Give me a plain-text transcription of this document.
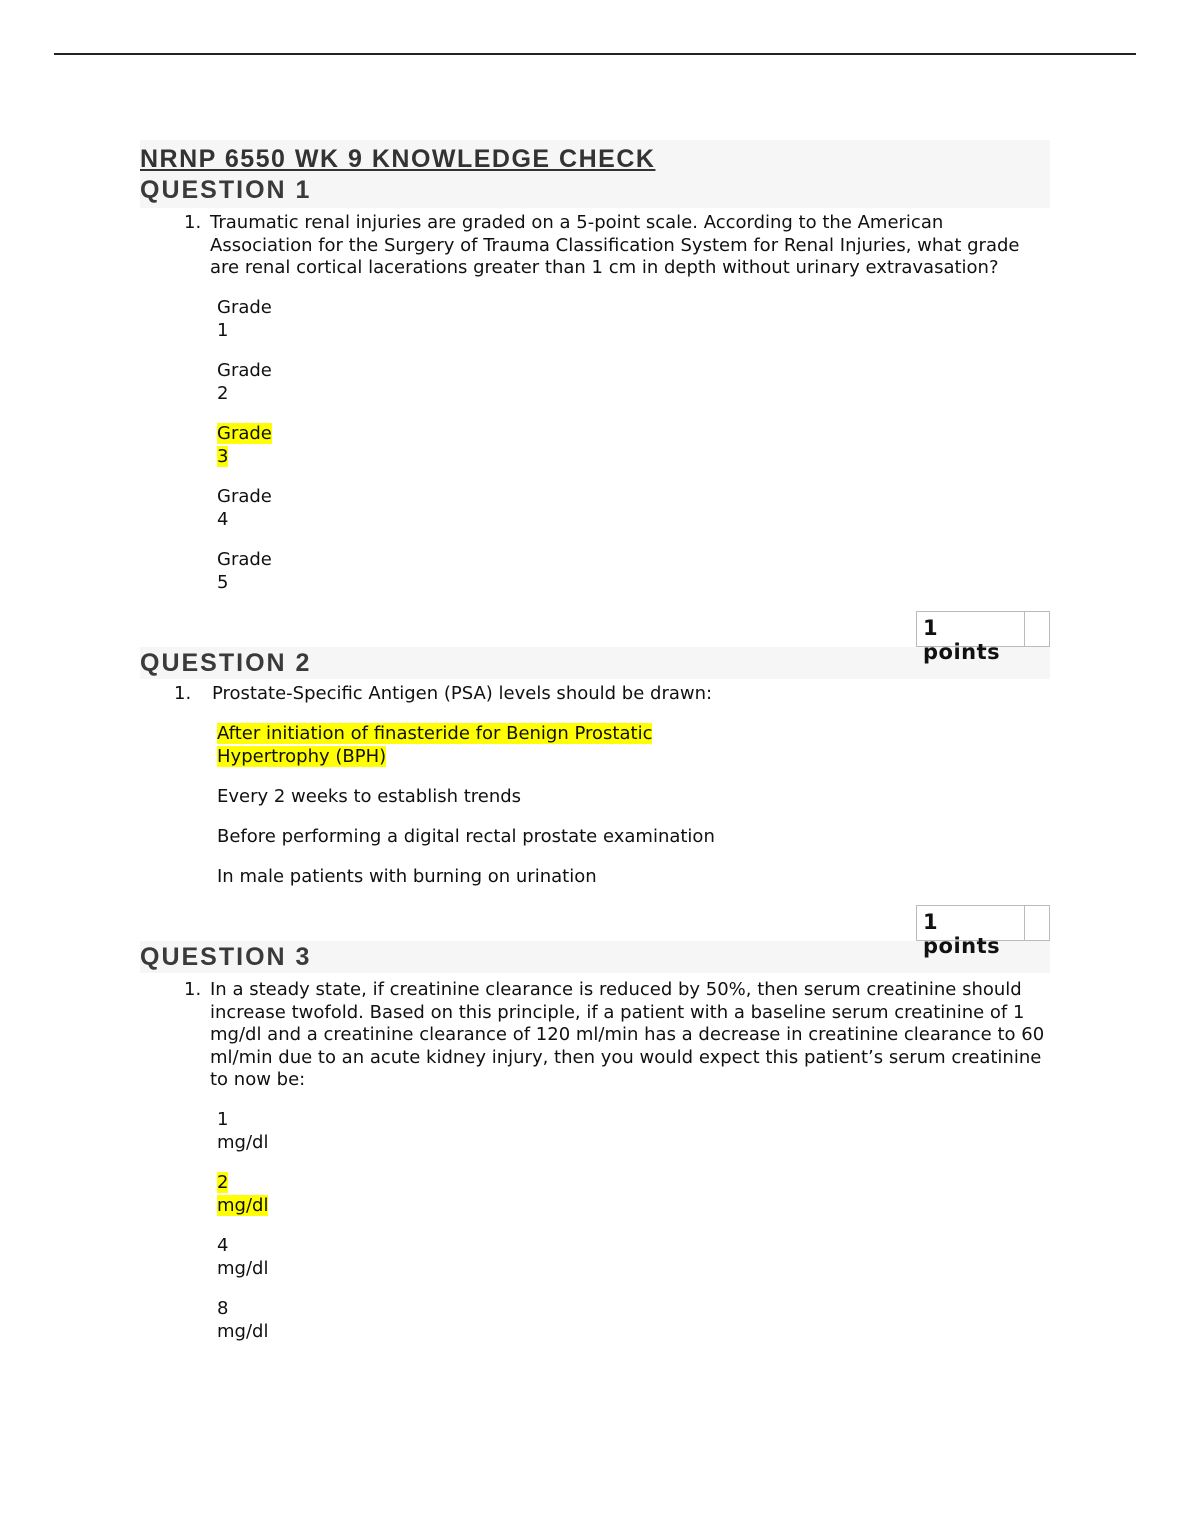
NRNP 6550 WK 9 KNOWLEDGE CHECK
QUESTION 1
1. Traumatic renal injuries are graded on a 5-point scale. According to the American Association for the Surgery of Trauma Classification System for Renal Injuries, what grade are renal cortical lacerations greater than 1 cm in depth without urinary extravasation?
Grade
1
Grade
2
Grade
3
Grade
4
Grade
5
1 points
QUESTION 2
1. Prostate-Specific Antigen (PSA) levels should be drawn:
After initiation of finasteride for Benign Prostatic Hypertrophy (BPH)
Every 2 weeks to establish trends
Before performing a digital rectal prostate examination
In male patients with burning on urination
1 points
QUESTION 3
1. In a steady state, if creatinine clearance is reduced by 50%, then serum creatinine should increase twofold. Based on this principle, if a patient with a baseline serum creatinine of 1 mg/dl and a creatinine clearance of 120 ml/min has a decrease in creatinine clearance to 60 ml/min due to an acute kidney injury, then you would expect this patient’s serum creatinine to now be:
1
mg/dl
2
mg/dl
4
mg/dl
8
mg/dl
